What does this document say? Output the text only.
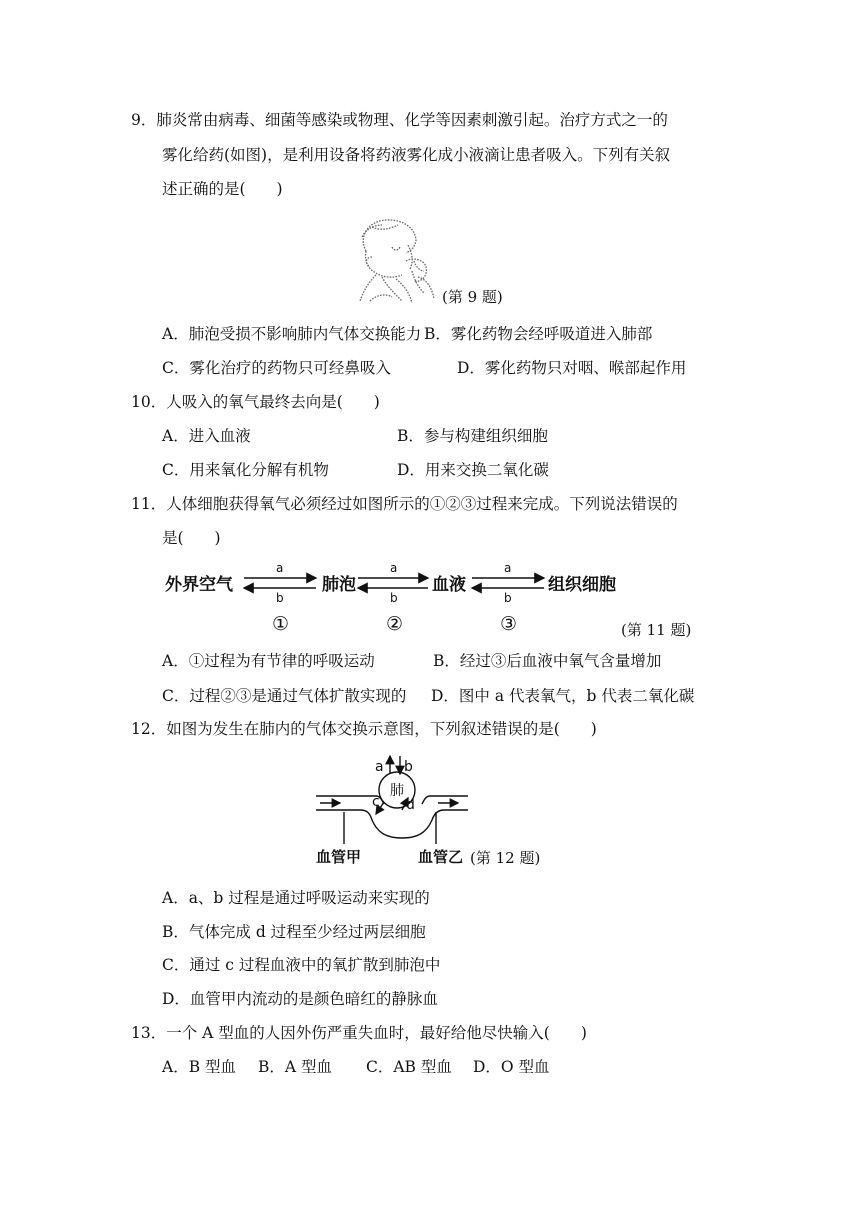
9．肺炎常由病毒、细菌等感染或物理、化学等因素刺激引起。治疗方式之一的
雾化给药(如图)，是利用设备将药液雾化成小液滴让患者吸入。下列有关叙
述正确的是(　　)
(第 9 题)
A．肺泡受损不影响肺内气体交换能力 B．雾化药物会经呼吸道进入肺部
C．雾化治疗的药物只可经鼻吸入	D．雾化药物只对咽、喉部起作用
10．人吸入的氧气最终去向是(　　)
A．进入血液	B．参与构建组织细胞
C．用来氧化分解有机物	D．用来交换二氧化碳
11．人体细胞获得氧气必须经过如图所示的①②③过程来完成。下列说法错误的
是(　　)
外界空气	肺泡	血液	组织细胞
a
b
a
b
a
b
①	②	③	(第 11 题)
A．①过程为有节律的呼吸运动	B．经过③后血液中氧气含量增加
C．过程②③是通过气体扩散实现的 D．图中 a 代表氧气，b 代表二氧化碳
12．如图为发生在肺内的气体交换示意图，下列叙述错误的是(　　)
肺
a b
c d
血管甲	血管乙 (第 12 题)
A．a、b 过程是通过呼吸运动来实现的
B．气体完成 d 过程至少经过两层细胞
C．通过 c 过程血液中的氧扩散到肺泡中
D．血管甲内流动的是颜色暗红的静脉血
13．一个 A 型血的人因外伤严重失血时，最好给他尽快输入(　　)
A．B 型血 B．A 型血 C．AB 型血 D．O 型血
